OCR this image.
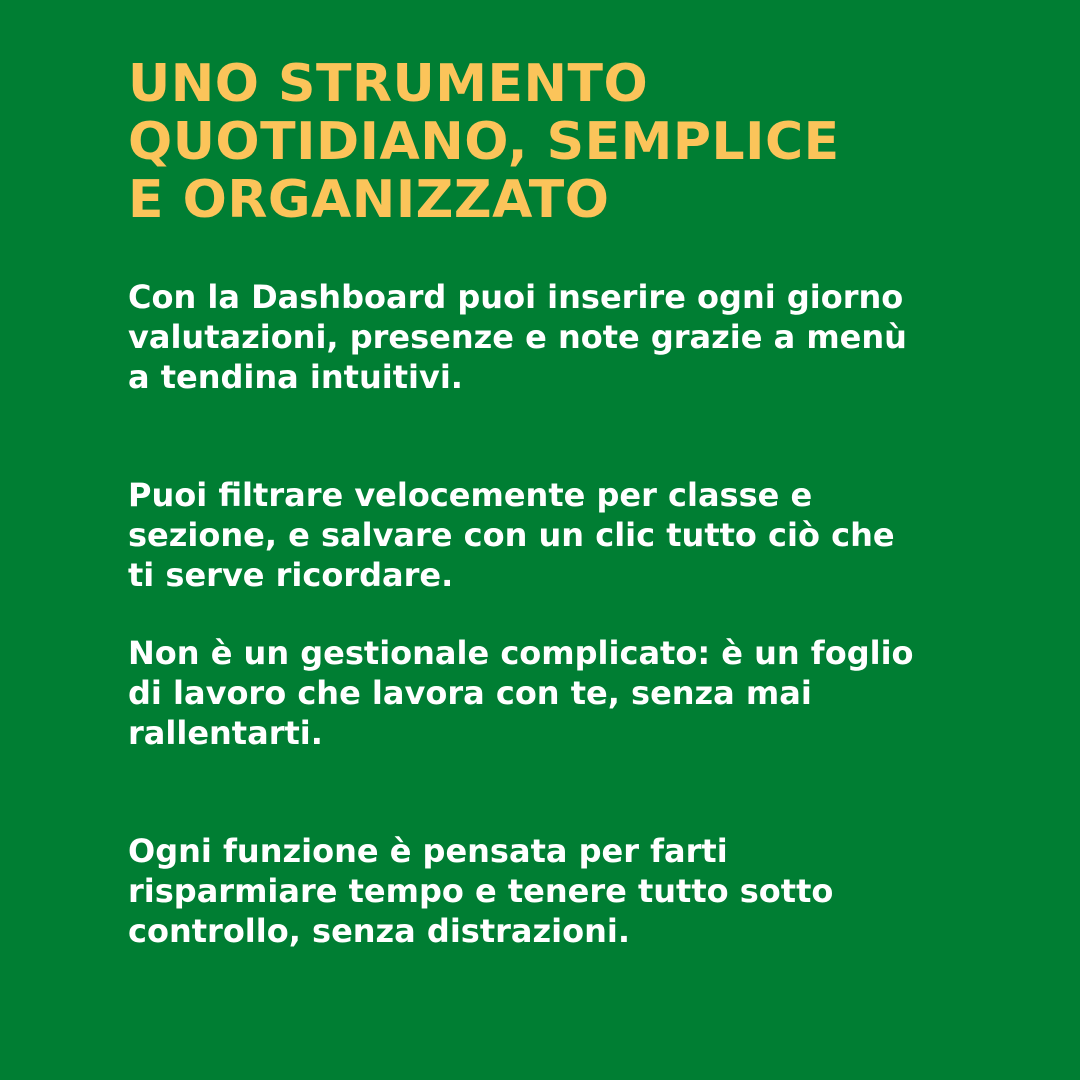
UNO STRUMENTO
QUOTIDIANO, SEMPLICE
E ORGANIZZATO

Con la Dashboard puoi inserire ogni giorno
valutazioni, presenze e note grazie a menù
a tendina intuitivi.

Puoi filtrare velocemente per classe e
sezione, e salvare con un clic tutto ciò che
ti serve ricordare.

Non è un gestionale complicato: è un foglio
di lavoro che lavora con te, senza mai
rallentarti.

Ogni funzione è pensata per farti
risparmiare tempo e tenere tutto sotto
controllo, senza distrazioni.
